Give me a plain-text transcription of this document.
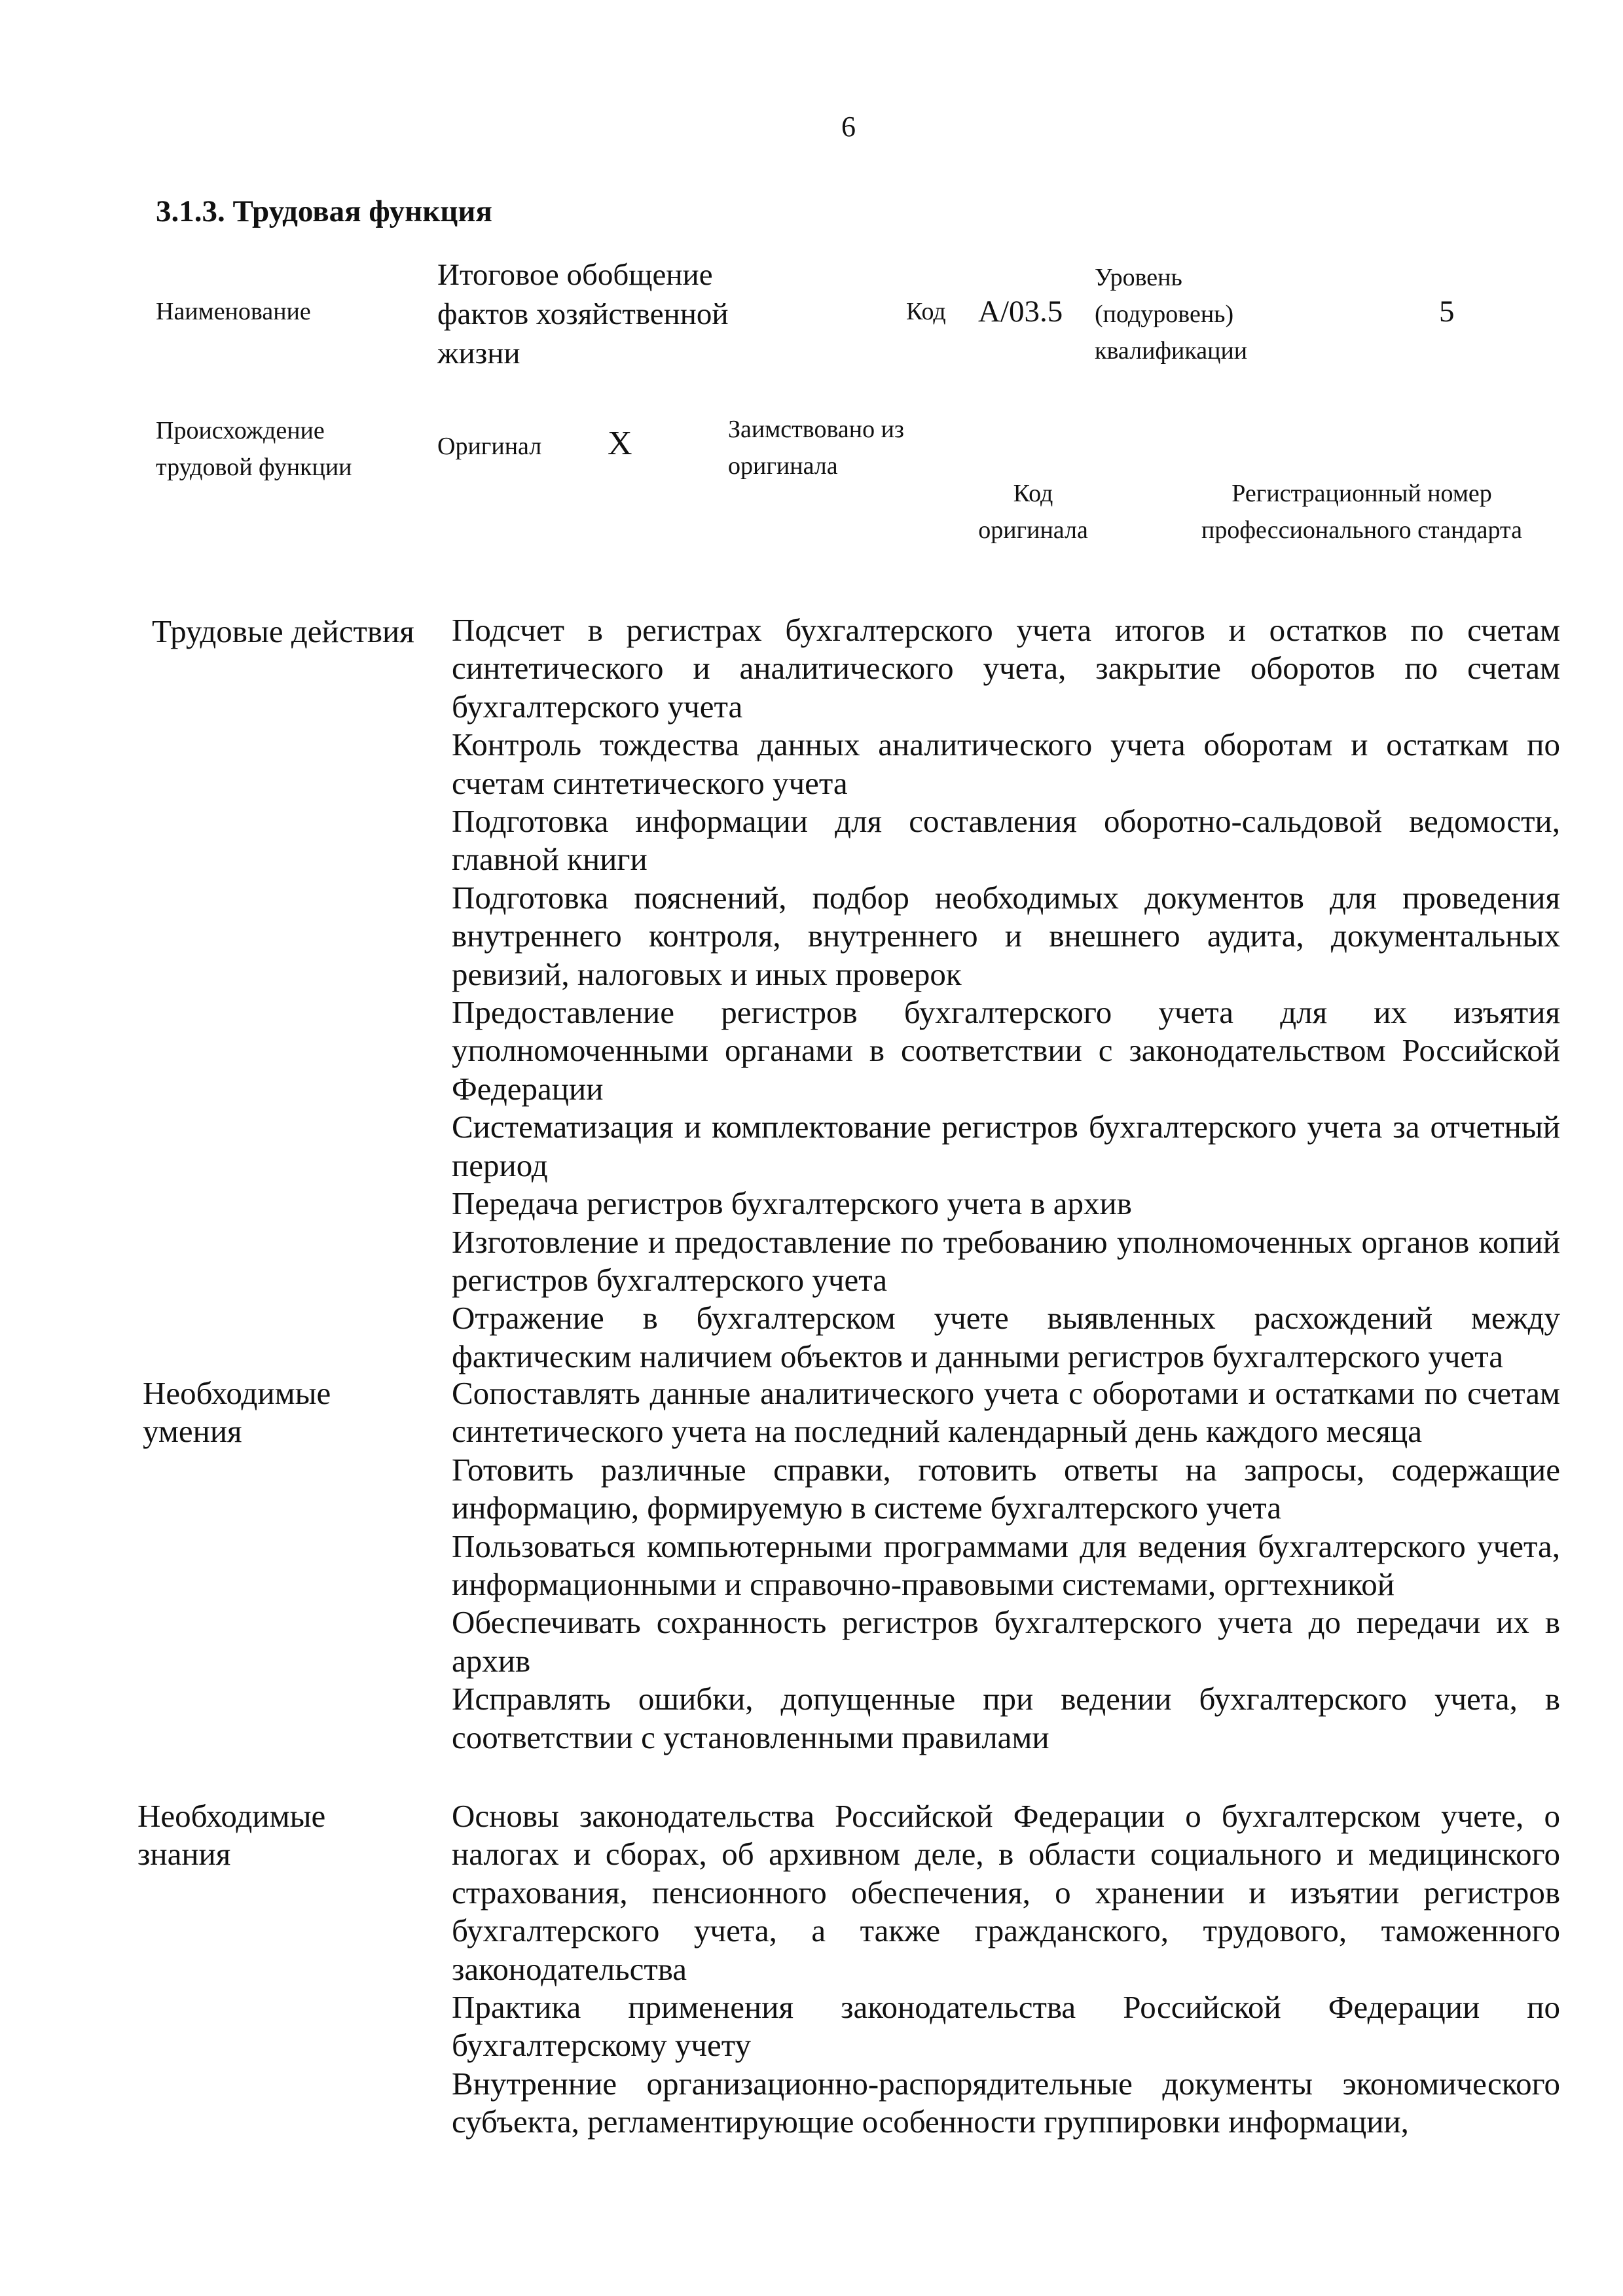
6
3.1.3. Трудовая функция
Наименование
Итоговое обобщение фактов хозяйственной жизни
Код A/03.5
Уровень (подуровень) квалификации
5
Происхождение трудовой функции
Оригинал X	Заимствовано из оригинала
Код оригинала
Регистрационный номер профессионального стандарта
Трудовые действия Подсчет в регистрах бухгалтерского учета итогов и остатков по счетам синтетического и аналитического учета, закрытие оборотов по счетам бухгалтерского учета

Контроль тождества данных аналитического учета оборотам и остаткам по счетам синтетического учета

Подготовка информации для составления оборотно-сальдовой ведомости, главной книги

Подготовка пояснений, подбор необходимых документов для проведения внутреннего контроля, внутреннего и внешнего аудита, документальных ревизий, налоговых и иных проверок

Предоставление регистров бухгалтерского учета для их изъятия уполномоченными органами в соответствии с законодательством Российской Федерации

Систематизация и комплектование регистров бухгалтерского учета за отчетный период

Передача регистров бухгалтерского учета в архив

Изготовление и предоставление по требованию уполномоченных органов копий регистров бухгалтерского учета

Отражение в бухгалтерском учете выявленных расхождений между фактическим наличием объектов и данными регистров бухгалтерского учета

Необходимые умения

Сопоставлять данные аналитического учета с оборотами и остатками по счетам синтетического учета на последний календарный день каждого месяца

Готовить различные справки, готовить ответы на запросы, содержащие информацию, формируемую в системе бухгалтерского учета

Пользоваться компьютерными программами для ведения бухгалтерского учета, информационными и справочно-правовыми системами, оргтехникой

Обеспечивать сохранность регистров бухгалтерского учета до передачи их в архив

Исправлять ошибки, допущенные при ведении бухгалтерского учета, в соответствии с установленными правилами

Необходимые знания

Основы законодательства Российской Федерации о бухгалтерском учете, о налогах и сборах, об архивном деле, в области социального и медицинского страхования, пенсионного обеспечения, о хранении и изъятии регистров бухгалтерского учета, а также гражданского, трудового, таможенного законодательства

Практика применения законодательства Российской Федерации по бухгалтерскому учету

Внутренние организационно-распорядительные документы экономического субъекта, регламентирующие особенности группировки информации,
